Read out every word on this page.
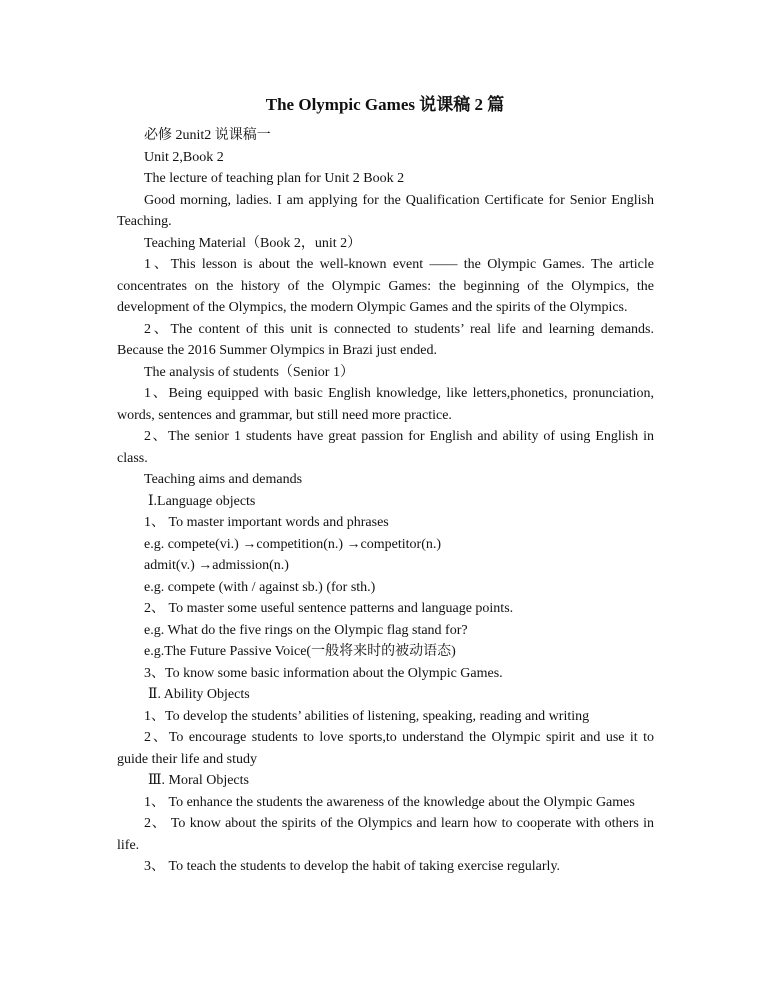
The Olympic Games 说课稿 2 篇

必修 2unit2 说课稿一

Unit 2,Book 2

The lecture of teaching plan for Unit 2 Book 2

Good morning, ladies. I am applying for the Qualification Certificate for Senior English Teaching.

Teaching Material（Book 2，unit 2）

1、This lesson is about the well-known event —— the Olympic Games. The article concentrates on the history of the Olympic Games: the beginning of the Olympics, the development of the Olympics, the modern Olympic Games and the spirits of the Olympics.

2、The content of this unit is connected to students’ real life and learning demands. Because the 2016 Summer Olympics in Brazi just ended.

The analysis of students（Senior 1）

1、Being equipped with basic English knowledge, like letters,phonetics, pronunciation, words, sentences and grammar, but still need more practice.

2、The senior 1 students have great passion for English and ability of using English in class.

Teaching aims and demands

Ⅰ.Language objects

1、 To master important words and phrases

e.g. compete(vi.) →competition(n.) →competitor(n.)

admit(v.) →admission(n.)

e.g. compete (with / against sb.) (for sth.)

2、 To master some useful sentence patterns and language points.

e.g. What do the five rings on the Olympic flag stand for?

e.g.The Future Passive Voice(一般将来时的被动语态)

3、To know some basic information about the Olympic Games.

Ⅱ. Ability Objects

1、To develop the students’ abilities of listening, speaking, reading and writing

2、To encourage students to love sports,to understand the Olympic spirit and use it to guide their life and study

Ⅲ. Moral Objects

1、 To enhance the students the awareness of the knowledge about the Olympic Games

2、 To know about the spirits of the Olympics and learn how to cooperate with others in life.

3、 To teach the students to develop the habit of taking exercise regularly.
